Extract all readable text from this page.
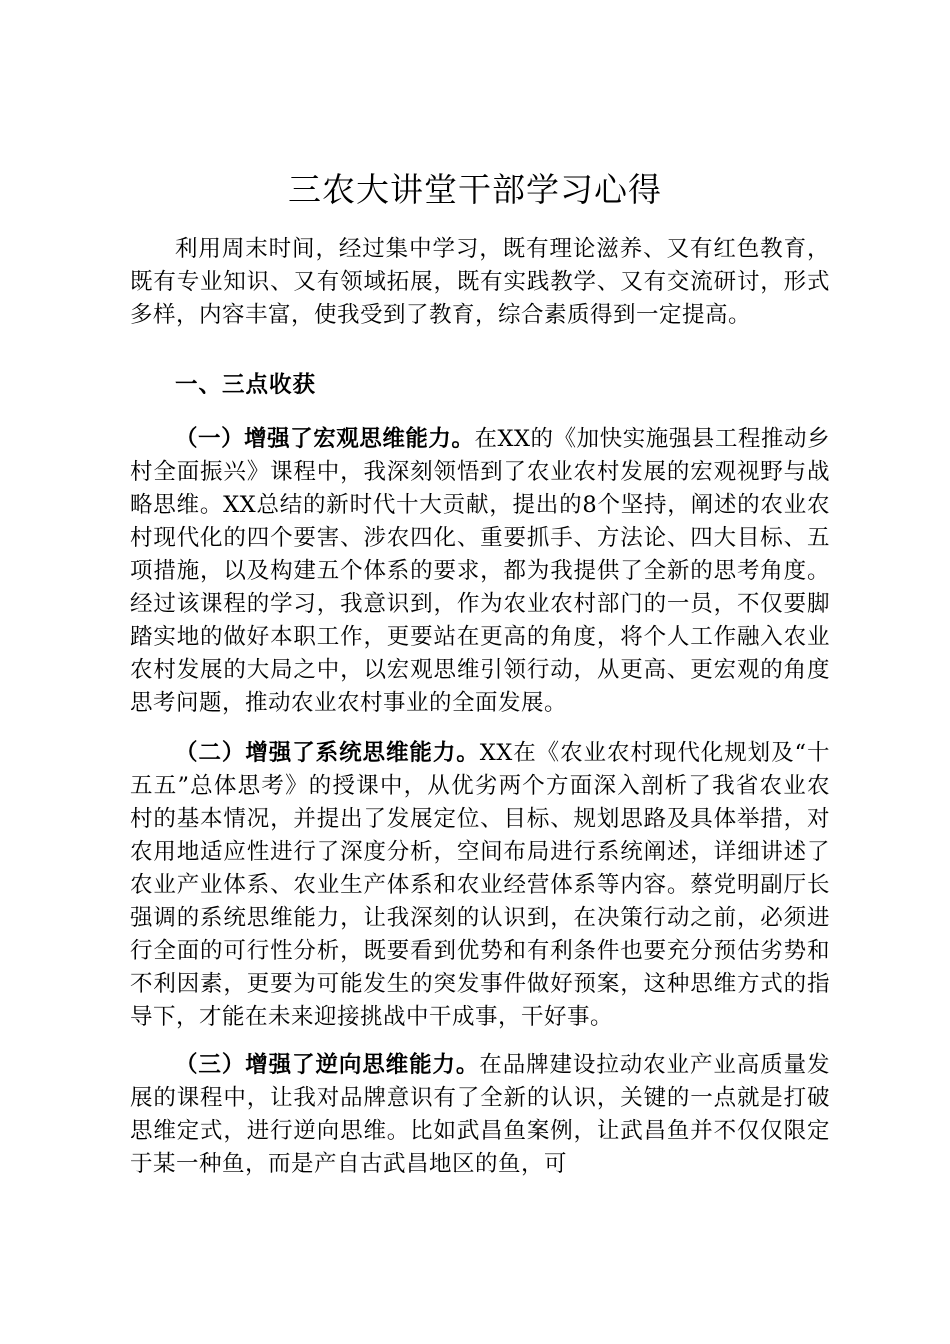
三农大讲堂干部学习心得

利用周末时间，经过集中学习，既有理论滋养、又有红色教育，既有专业知识、又有领域拓展，既有实践教学、又有交流研讨，形式多样，内容丰富，使我受到了教育，综合素质得到一定提高。

一、三点收获

（一）增强了宏观思维能力。在XX的《加快实施强县工程推动乡村全面振兴》课程中，我深刻领悟到了农业农村发展的宏观视野与战略思维。XX总结的新时代十大贡献，提出的8个坚持，阐述的农业农村现代化的四个要害、涉农四化、重要抓手、方法论、四大目标、五项措施，以及构建五个体系的要求，都为我提供了全新的思考角度。经过该课程的学习，我意识到，作为农业农村部门的一员，不仅要脚踏实地的做好本职工作，更要站在更高的角度，将个人工作融入农业农村发展的大局之中，以宏观思维引领行动，从更高、更宏观的角度思考问题，推动农业农村事业的全面发展。

（二）增强了系统思维能力。XX在《农业农村现代化规划及“十五五”总体思考》的授课中，从优劣两个方面深入剖析了我省农业农村的基本情况，并提出了发展定位、目标、规划思路及具体举措，对农用地适应性进行了深度分析，空间布局进行系统阐述，详细讲述了农业产业体系、农业生产体系和农业经营体系等内容。蔡党明副厅长强调的系统思维能力，让我深刻的认识到，在决策行动之前，必须进行全面的可行性分析，既要看到优势和有利条件也要充分预估劣势和不利因素，更要为可能发生的突发事件做好预案，这种思维方式的指导下，才能在未来迎接挑战中干成事，干好事。

（三）增强了逆向思维能力。在品牌建设拉动农业产业高质量发展的课程中，让我对品牌意识有了全新的认识，关键的一点就是打破思维定式，进行逆向思维。比如武昌鱼案例，让武昌鱼并不仅仅限定于某一种鱼，而是产自古武昌地区的鱼，可
